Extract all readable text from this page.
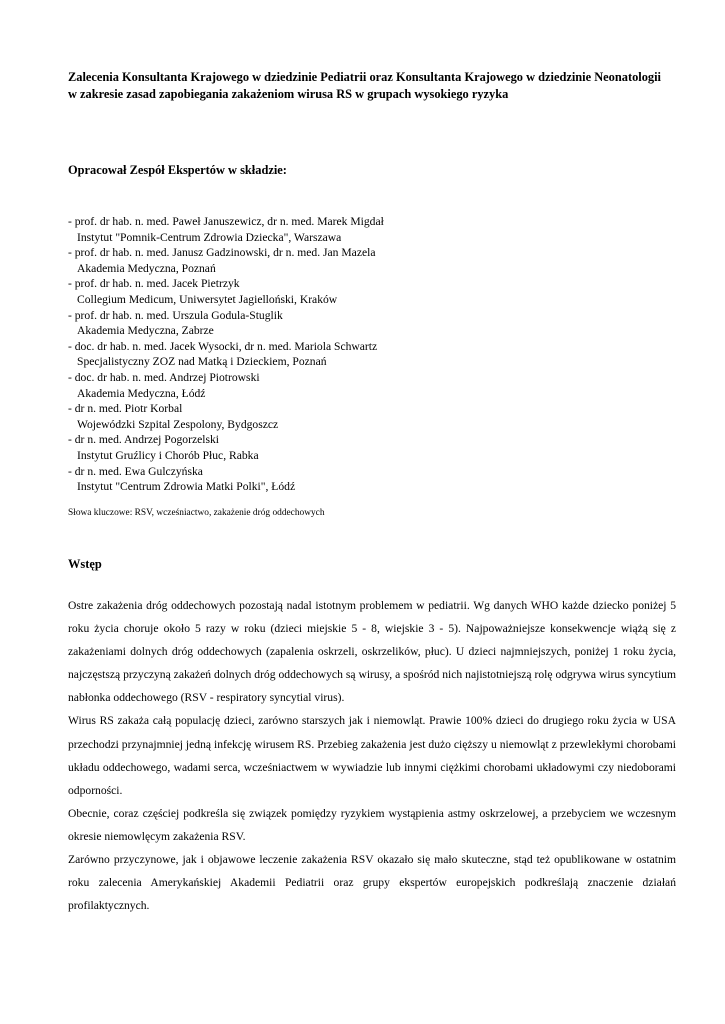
Zalecenia Konsultanta Krajowego w dziedzinie Pediatrii oraz Konsultanta Krajowego w dziedzinie Neonatologii w zakresie zasad zapobiegania zakażeniom wirusa RS w grupach wysokiego ryzyka
Opracował Zespół Ekspertów w składzie:
- prof. dr hab. n. med. Paweł Januszewicz, dr n. med. Marek Migdał
Instytut "Pomnik-Centrum Zdrowia Dziecka", Warszawa
- prof. dr hab. n. med. Janusz Gadzinowski, dr n. med. Jan Mazela
Akademia Medyczna, Poznań
- prof. dr hab. n. med. Jacek Pietrzyk
Collegium Medicum, Uniwersytet Jagielloński, Kraków
- prof. dr hab. n. med. Urszula Godula-Stuglik
Akademia Medyczna, Zabrze
- doc. dr hab. n. med. Jacek Wysocki, dr n. med. Mariola Schwartz
Specjalistyczny ZOZ nad Matką i Dzieckiem, Poznań
- doc. dr hab. n. med. Andrzej Piotrowski
Akademia Medyczna, Łódź
- dr n. med. Piotr Korbal
Wojewódzki Szpital Zespolony, Bydgoszcz
- dr n. med. Andrzej Pogorzelski
Instytut Gruźlicy i Chorób Płuc, Rabka
- dr n. med. Ewa Gulczyńska
Instytut "Centrum Zdrowia Matki Polki", Łódź
Słowa kluczowe: RSV, wcześniactwo, zakażenie dróg oddechowych
Wstęp

Ostre zakażenia dróg oddechowych pozostają nadal istotnym problemem w pediatrii. Wg danych WHO każde dziecko poniżej 5 roku życia choruje około 5 razy w roku (dzieci miejskie 5 - 8, wiejskie 3 - 5). Najpoważniejsze konsekwencje wiążą się z zakażeniami dolnych dróg oddechowych (zapalenia oskrzeli, oskrzelików, płuc). U dzieci najmniejszych, poniżej 1 roku życia, najczęstszą przyczyną zakażeń dolnych dróg oddechowych są wirusy, a spośród nich najistotniejszą rolę odgrywa wirus syncytium nabłonka oddechowego (RSV - respiratory syncytial virus).

Wirus RS zakaża całą populację dzieci, zarówno starszych jak i niemowląt. Prawie 100% dzieci do drugiego roku życia w USA przechodzi przynajmniej jedną infekcję wirusem RS. Przebieg zakażenia jest dużo cięższy u niemowląt z przewlekłymi chorobami układu oddechowego, wadami serca, wcześniactwem w wywiadzie lub innymi ciężkimi chorobami układowymi czy niedoborami odporności.

Obecnie, coraz częściej podkreśla się związek pomiędzy ryzykiem wystąpienia astmy oskrzelowej, a przebyciem we wczesnym okresie niemowlęcym zakażenia RSV.

Zarówno przyczynowe, jak i objawowe leczenie zakażenia RSV okazało się mało skuteczne, stąd też opublikowane w ostatnim roku zalecenia Amerykańskiej Akademii Pediatrii oraz grupy ekspertów europejskich podkreślają znaczenie działań profilaktycznych.
